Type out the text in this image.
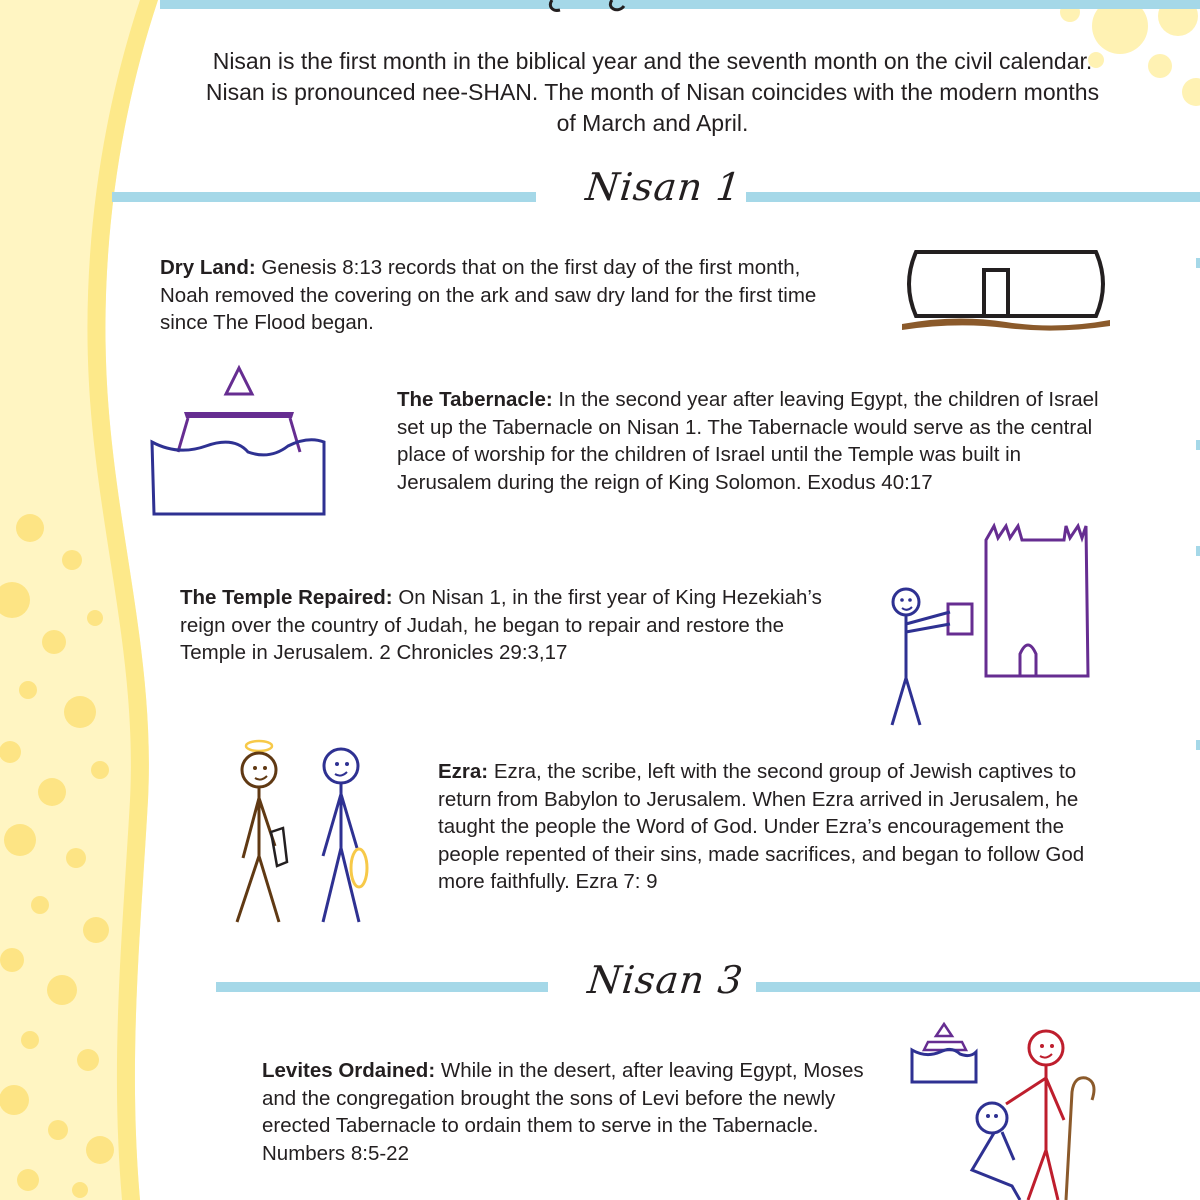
Nisan is the first month in the biblical year and the seventh month on the civil calendar. Nisan is pronounced nee-SHAN. The month of Nisan coincides with the modern months of March and April.
Nisan 1
Nisan 3
Dry Land: Genesis 8:13 records that on the first day of the first month, Noah removed the covering on the ark and saw dry land for the first time since The Flood began.
The Tabernacle: In the second year after leaving Egypt, the children of Israel set up the Tabernacle on Nisan 1. The Tabernacle would serve as the central place of worship for the children of Israel until the Temple was built in Jerusalem during the reign of King Solomon. Exodus 40:17
The Temple Repaired: On Nisan 1, in the first year of King Hezekiah’s reign over the country of Judah, he began to repair and restore the Temple in Jerusalem. 2 Chronicles 29:3,17
Ezra: Ezra, the scribe, left with the second group of Jewish captives to return from Babylon to Jerusalem. When Ezra arrived in Jerusalem, he taught the people the Word of God. Under Ezra’s encouragement the people repented of their sins, made sacrifices, and began to follow God more faithfully. Ezra 7: 9
Levites Ordained: While in the desert, after leaving Egypt, Moses and the congregation brought the sons of Levi before the newly erected Tabernacle to ordain them to serve in the Tabernacle. Numbers 8:5-22
